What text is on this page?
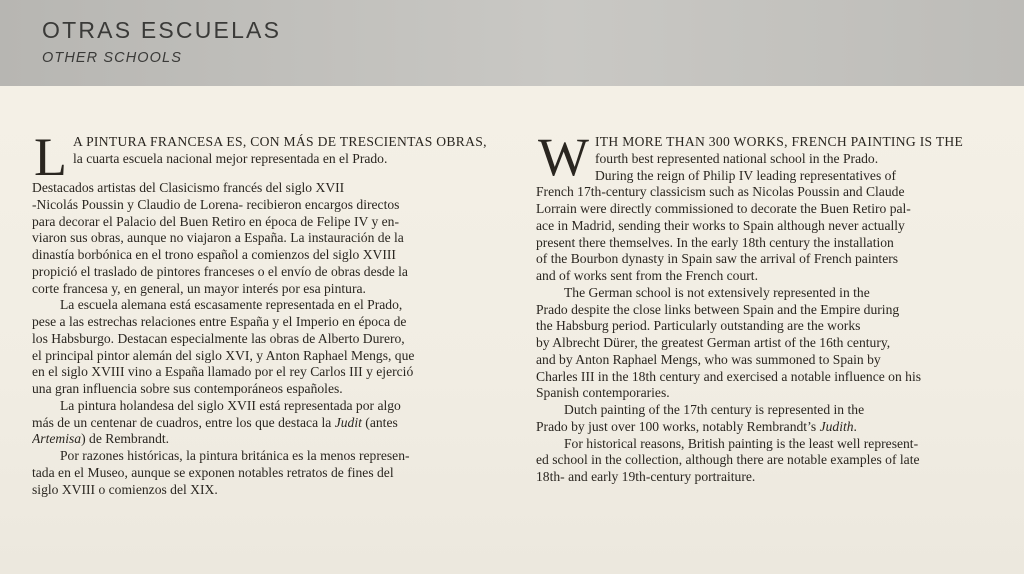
OTRAS ESCUELAS
OTHER SCHOOLS

L A PINTURA FRANCESA ES, CON MÁS DE TRESCIENTAS OBRAS,
la cuarta escuela nacional mejor representada en el Prado.
Destacados artistas del Clasicismo francés del siglo XVII
-Nicolás Poussin y Claudio de Lorena- recibieron encargos directos
para decorar el Palacio del Buen Retiro en época de Felipe IV y en-
viaron sus obras, aunque no viajaron a España. La instauración de la
dinastía borbónica en el trono español a comienzos del siglo XVIII
propició el traslado de pintores franceses o el envío de obras desde la
corte francesa y, en general, un mayor interés por esa pintura.

La escuela alemana está escasamente representada en el Prado,
pese a las estrechas relaciones entre España y el Imperio en época de
los Habsburgo. Destacan especialmente las obras de Alberto Durero,
el principal pintor alemán del siglo XVI, y Anton Raphael Mengs, que
en el siglo XVIII vino a España llamado por el rey Carlos III y ejerció
una gran influencia sobre sus contemporáneos españoles.

La pintura holandesa del siglo XVII está representada por algo
más de un centenar de cuadros, entre los que destaca la Judit (antes
Artemisa) de Rembrandt.

Por razones históricas, la pintura británica es la menos represen-
tada en el Museo, aunque se exponen notables retratos de fines del
siglo XVIII o comienzos del XIX.

W ITH MORE THAN 300 WORKS, FRENCH PAINTING IS THE
fourth best represented national school in the Prado.
During the reign of Philip IV leading representatives of
French 17th-century classicism such as Nicolas Poussin and Claude
Lorrain were directly commissioned to decorate the Buen Retiro pal-
ace in Madrid, sending their works to Spain although never actually
present there themselves. In the early 18th century the installation
of the Bourbon dynasty in Spain saw the arrival of French painters
and of works sent from the French court.

The German school is not extensively represented in the
Prado despite the close links between Spain and the Empire during
the Habsburg period. Particularly outstanding are the works
by Albrecht Dürer, the greatest German artist of the 16th century,
and by Anton Raphael Mengs, who was summoned to Spain by
Charles III in the 18th century and exercised a notable influence on his
Spanish contemporaries.

Dutch painting of the 17th century is represented in the
Prado by just over 100 works, notably Rembrandt’s Judith.

For historical reasons, British painting is the least well represent-
ed school in the collection, although there are notable examples of late
18th- and early 19th-century portraiture.
